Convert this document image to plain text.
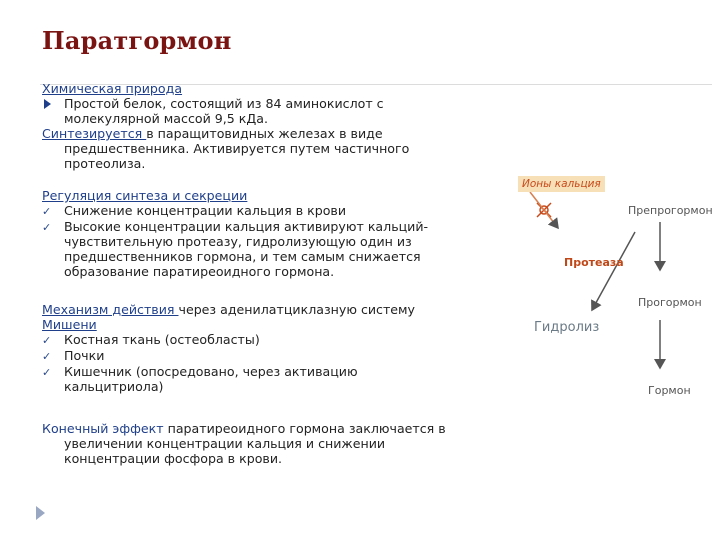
Паратгормон
Химическая природа
Простой белок, состоящий из 84 аминокислот с
молекулярной массой 9,5 кДа.
Синтезируется в паращитовидных железах в виде
предшественника. Активируется путем частичного
протеолиза.
Регуляция синтеза и секреции
✓	Снижение концентрации кальция в крови
✓	Высокие концентрации кальция активируют кальций-
чувствительную протеазу, гидролизующую один из
предшественников гормона, и тем самым снижается
образование паратиреоидного гормона.
Механизм действия через аденилатциклазную систему
Мишени
✓	Костная ткань (остеобласты)
✓	Почки
✓	Кишечник (опосредовано, через активацию
кальцитриола)
Конечный эффект паратиреоидного гормона заключается в
увеличении концентрации кальция и снижении
концентрации фосфора в крови.
Ионы кальция
Препрогормон
Протеаза
Прогормон
Гидролиз
Гормон
